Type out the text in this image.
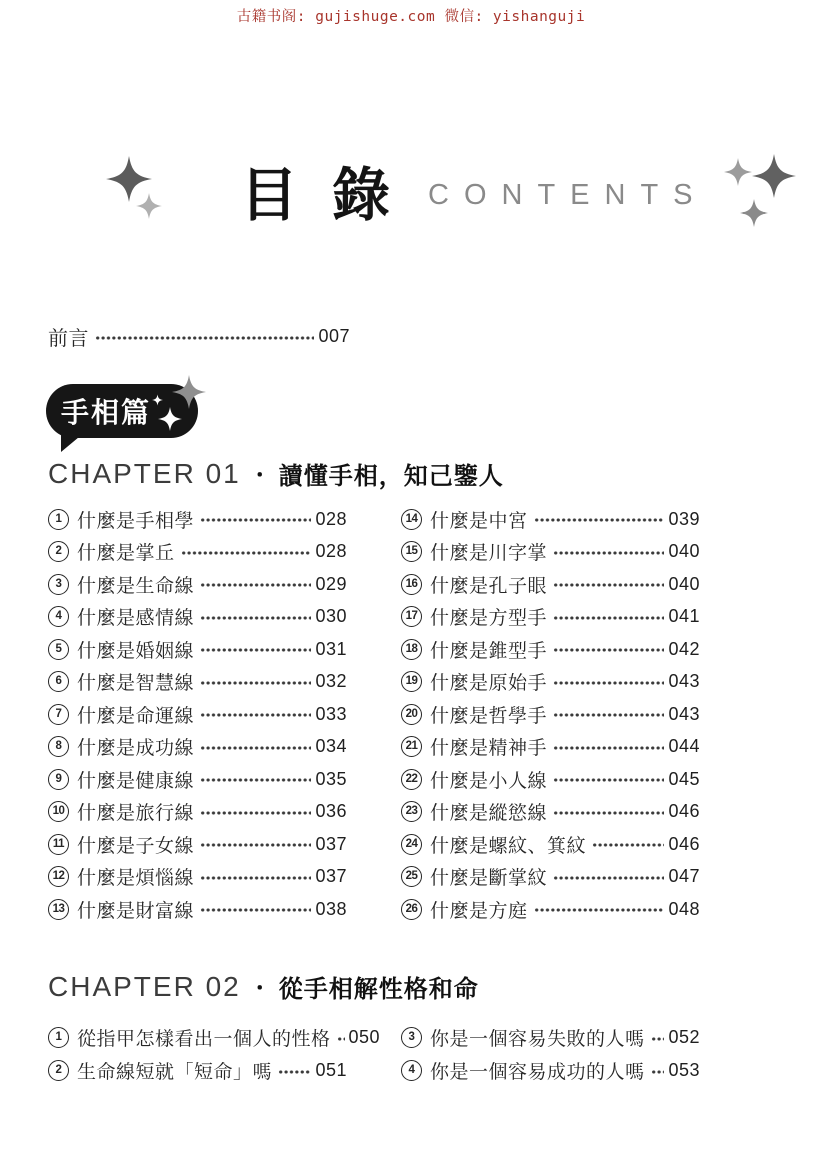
古籍书阁: gujishuge.com 微信: yishanguji
目錄 CONTENTS
前言	007
手相篇
CHAPTER 01 ・ 讀懂手相，知己鑒人
1 什麼是手相學	028
2 什麼是掌丘	028
3 什麼是生命線	029
4 什麼是感情線	030
5 什麼是婚姻線	031
6 什麼是智慧線	032
7 什麼是命運線	033
8 什麼是成功線	034
9 什麼是健康線	035
10 什麼是旅行線	036
11 什麼是子女線	037
12 什麼是煩惱線	037
13 什麼是財富線	038
14 什麼是中宮	039
15 什麼是川字掌	040
16 什麼是孔子眼	040
17 什麼是方型手	041
18 什麼是錐型手	042
19 什麼是原始手	043
20 什麼是哲學手	043
21 什麼是精神手	044
22 什麼是小人線	045
23 什麼是縱慾線	046
24 什麼是螺紋、箕紋	046
25 什麼是斷掌紋	047
26 什麼是方庭	048
CHAPTER 02 ・ 從手相解性格和命
1 從指甲怎樣看出一個人的性格 050
2 生命線短就「短命」嗎 051
3 你是一個容易失敗的人嗎 052
4 你是一個容易成功的人嗎 053
